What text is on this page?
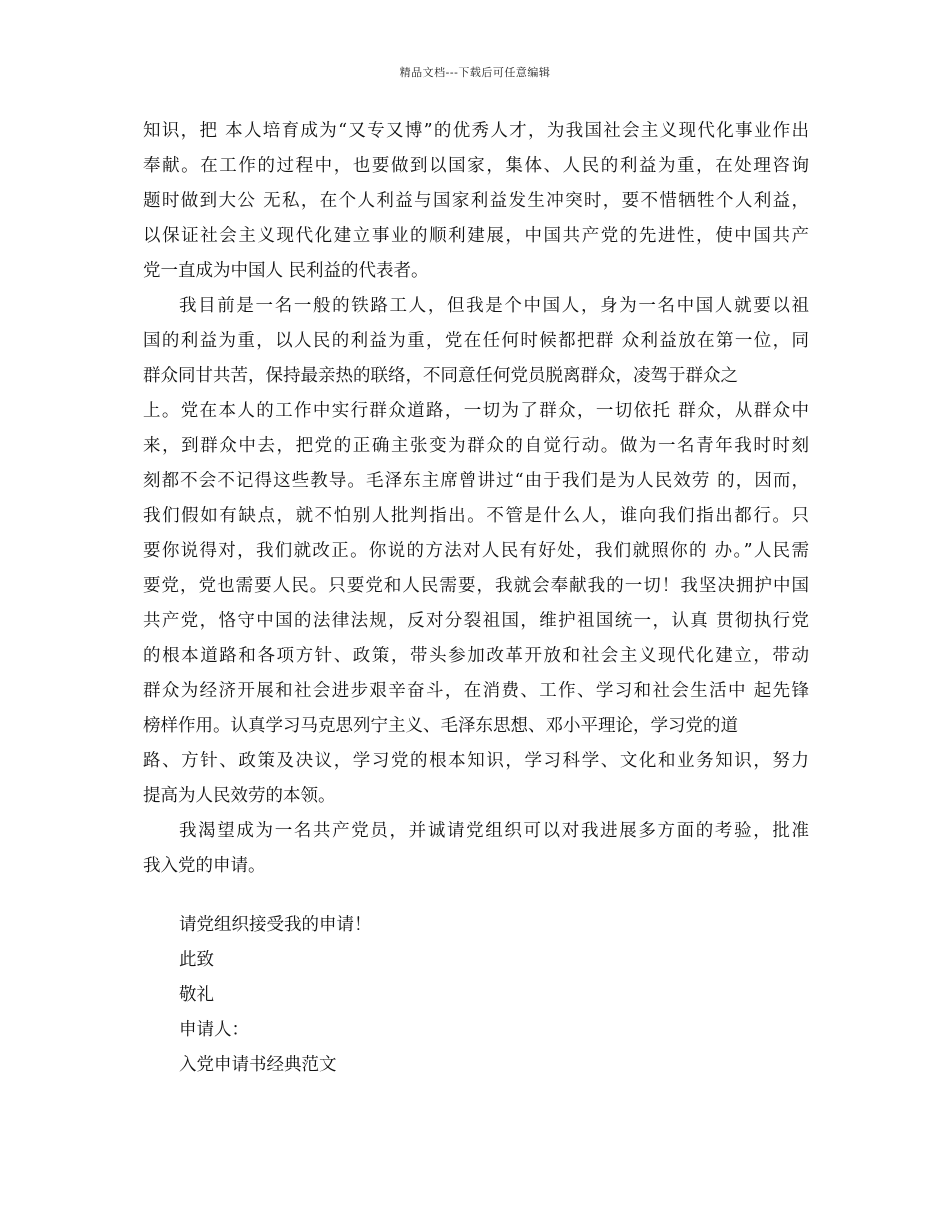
精品文档---下载后可任意编辑
知识，把 本人培育成为“又专又博”的优秀人才，为我国社会主义现代化事业作出
奉献。在工作的过程中，也要做到以国家，集体、人民的利益为重，在处理咨询
题时做到大公 无私，在个人利益与国家利益发生冲突时，要不惜牺牲个人利益，
以保证社会主义现代化建立事业的顺利建展，中国共产党的先进性，使中国共产
党一直成为中国人 民利益的代表者。
我目前是一名一般的铁路工人，但我是个中国人，身为一名中国人就要以祖
国的利益为重，以人民的利益为重，党在任何时候都把群 众利益放在第一位，同
群众同甘共苦，保持最亲热的联络，不同意任何党员脱离群众，凌驾于群众之
上。党在本人的工作中实行群众道路，一切为了群众，一切依托 群众，从群众中
来，到群众中去，把党的正确主张变为群众的自觉行动。做为一名青年我时时刻
刻都不会不记得这些教导。毛泽东主席曾讲过“由于我们是为人民效劳 的，因而，
我们假如有缺点，就不怕别人批判指出。不管是什么人，谁向我们指出都行。只
要你说得对，我们就改正。你说的方法对人民有好处，我们就照你的 办。”人民需
要党，党也需要人民。只要党和人民需要，我就会奉献我的一切！我坚决拥护中国
共产党，恪守中国的法律法规，反对分裂祖国，维护祖国统一，认真 贯彻执行党
的根本道路和各项方针、政策，带头参加改革开放和社会主义现代化建立，带动
群众为经济开展和社会进步艰辛奋斗，在消费、工作、学习和社会生活中 起先锋
榜样作用。认真学习马克思列宁主义、毛泽东思想、邓小平理论，学习党的道
路、方针、政策及决议，学习党的根本知识，学习科学、文化和业务知识，努力
提高为人民效劳的本领。
我渴望成为一名共产党员，并诚请党组织可以对我进展多方面的考验，批准
我入党的申请。
请党组织接受我的申请！
此致
敬礼
申请人：
入党申请书经典范文
